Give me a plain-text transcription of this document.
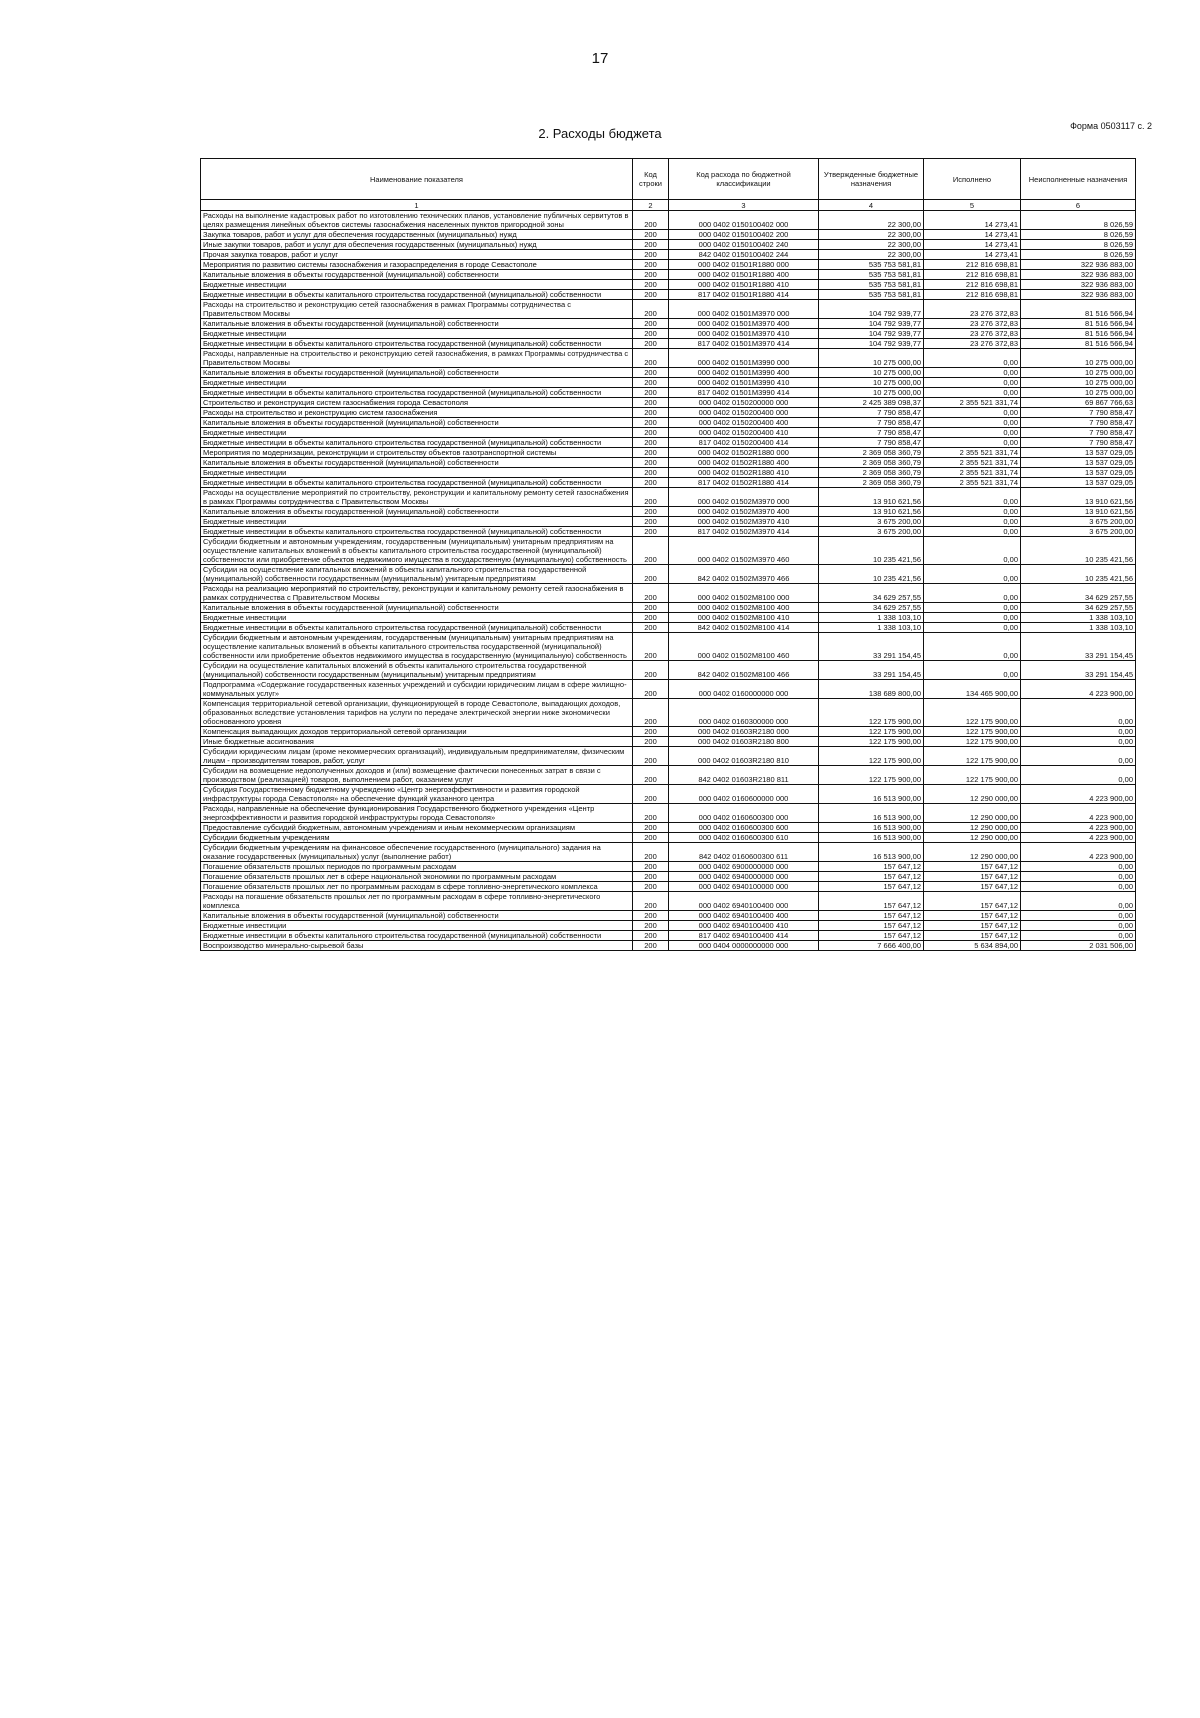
17
Форма 0503117 с. 2
2. Расходы бюджета
Наименование показателя	Код строки	Код расхода по бюджетной классификации	Утвержденные бюджетные назначения	Исполнено	Неисполненные назначения
1	2	3	4	5	6
Расходы на выполнение кадастровых работ по изготовлению технических планов, установление публичных сервитутов в целях размещения линейных объектов системы газоснабжения населенных пунктов пригородной зоны	200	000 0402 0150100402 000	22 300,00	14 273,41	8 026,59
Закупка товаров, работ и услуг для обеспечения государственных (муниципальных) нужд	200	000 0402 0150100402 200	22 300,00	14 273,41	8 026,59
Иные закупки товаров, работ и услуг для обеспечения государственных (муниципальных) нужд	200	000 0402 0150100402 240	22 300,00	14 273,41	8 026,59
Прочая закупка товаров, работ и услуг	200	842 0402 0150100402 244	22 300,00	14 273,41	8 026,59
Мероприятия по развитию системы газоснабжения и газораспределения в городе Севастополе	200	000 0402 01501R1880 000	535 753 581,81	212 816 698,81	322 936 883,00
Капитальные вложения в объекты государственной (муниципальной) собственности	200	000 0402 01501R1880 400	535 753 581,81	212 816 698,81	322 936 883,00
Бюджетные инвестиции	200	000 0402 01501R1880 410	535 753 581,81	212 816 698,81	322 936 883,00
Бюджетные инвестиции в объекты капитального строительства государственной (муниципальной) собственности	200	817 0402 01501R1880 414	535 753 581,81	212 816 698,81	322 936 883,00
Расходы на строительство и реконструкцию сетей газоснабжения в рамках Программы сотрудничества с Правительством Москвы	200	000 0402 01501M3970 000	104 792 939,77	23 276 372,83	81 516 566,94
Капитальные вложения в объекты государственной (муниципальной) собственности	200	000 0402 01501M3970 400	104 792 939,77	23 276 372,83	81 516 566,94
Бюджетные инвестиции	200	000 0402 01501M3970 410	104 792 939,77	23 276 372,83	81 516 566,94
Бюджетные инвестиции в объекты капитального строительства государственной (муниципальной) собственности	200	817 0402 01501M3970 414	104 792 939,77	23 276 372,83	81 516 566,94
Расходы, направленные на строительство и реконструкцию сетей газоснабжения, в рамках Программы сотрудничества с Правительством Москвы	200	000 0402 01501M3990 000	10 275 000,00	0,00	10 275 000,00
Капитальные вложения в объекты государственной (муниципальной) собственности	200	000 0402 01501M3990 400	10 275 000,00	0,00	10 275 000,00
Бюджетные инвестиции	200	000 0402 01501M3990 410	10 275 000,00	0,00	10 275 000,00
Бюджетные инвестиции в объекты капитального строительства государственной (муниципальной) собственности	200	817 0402 01501M3990 414	10 275 000,00	0,00	10 275 000,00
Строительство и реконструкция систем газоснабжения города Севастополя	200	000 0402 0150200000 000	2 425 389 098,37	2 355 521 331,74	69 867 766,63
Расходы на строительство и реконструкцию систем газоснабжения	200	000 0402 0150200400 000	7 790 858,47	0,00	7 790 858,47
Капитальные вложения в объекты государственной (муниципальной) собственности	200	000 0402 0150200400 400	7 790 858,47	0,00	7 790 858,47
Бюджетные инвестиции	200	000 0402 0150200400 410	7 790 858,47	0,00	7 790 858,47
Бюджетные инвестиции в объекты капитального строительства государственной (муниципальной) собственности	200	817 0402 0150200400 414	7 790 858,47	0,00	7 790 858,47
Мероприятия по модернизации, реконструкции и строительству объектов газотранспортной системы	200	000 0402 01502R1880 000	2 369 058 360,79	2 355 521 331,74	13 537 029,05
Капитальные вложения в объекты государственной (муниципальной) собственности	200	000 0402 01502R1880 400	2 369 058 360,79	2 355 521 331,74	13 537 029,05
Бюджетные инвестиции	200	000 0402 01502R1880 410	2 369 058 360,79	2 355 521 331,74	13 537 029,05
Бюджетные инвестиции в объекты капитального строительства государственной (муниципальной) собственности	200	817 0402 01502R1880 414	2 369 058 360,79	2 355 521 331,74	13 537 029,05
Расходы на осуществление мероприятий по строительству, реконструкции и капитальному ремонту сетей газоснабжения в рамках Программы сотрудничества с Правительством Москвы	200	000 0402 01502M3970 000	13 910 621,56	0,00	13 910 621,56
Капитальные вложения в объекты государственной (муниципальной) собственности	200	000 0402 01502M3970 400	13 910 621,56	0,00	13 910 621,56
Бюджетные инвестиции	200	000 0402 01502M3970 410	3 675 200,00	0,00	3 675 200,00
Бюджетные инвестиции в объекты капитального строительства государственной (муниципальной) собственности	200	817 0402 01502M3970 414	3 675 200,00	0,00	3 675 200,00
Субсидии бюджетным и автономным учреждениям, государственным (муниципальным) унитарным предприятиям на осуществление капитальных вложений в объекты капитального строительства государственной (муниципальной) собственности или приобретение объектов недвижимого имущества в государственную (муниципальную) собственность	200	000 0402 01502M3970 460	10 235 421,56	0,00	10 235 421,56
Субсидии на осуществление капитальных вложений в объекты капитального строительства государственной (муниципальной) собственности государственным (муниципальным) унитарным предприятиям	200	842 0402 01502M3970 466	10 235 421,56	0,00	10 235 421,56
Расходы на реализацию мероприятий по строительству, реконструкции и капитальному ремонту сетей газоснабжения в рамках сотрудничества с Правительством Москвы	200	000 0402 01502M8100 000	34 629 257,55	0,00	34 629 257,55
Капитальные вложения в объекты государственной (муниципальной) собственности	200	000 0402 01502M8100 400	34 629 257,55	0,00	34 629 257,55
Бюджетные инвестиции	200	000 0402 01502M8100 410	1 338 103,10	0,00	1 338 103,10
Бюджетные инвестиции в объекты капитального строительства государственной (муниципальной) собственности	200	842 0402 01502M8100 414	1 338 103,10	0,00	1 338 103,10
Субсидии бюджетным и автономным учреждениям, государственным (муниципальным) унитарным предприятиям на осуществление капитальных вложений в объекты капитального строительства государственной (муниципальной) собственности или приобретение объектов недвижимого имущества в государственную (муниципальную) собственность	200	000 0402 01502M8100 460	33 291 154,45	0,00	33 291 154,45
Субсидии на осуществление капитальных вложений в объекты капитального строительства государственной (муниципальной) собственности государственным (муниципальным) унитарным предприятиям	200	842 0402 01502M8100 466	33 291 154,45	0,00	33 291 154,45
Подпрограмма «Содержание государственных казенных учреждений и субсидии юридическим лицам в сфере жилищно-коммунальных услуг»	200	000 0402 0160000000 000	138 689 800,00	134 465 900,00	4 223 900,00
Компенсация территориальной сетевой организации, функционирующей в городе Севастополе, выпадающих доходов, образованных вследствие установления тарифов на услуги по передаче электрической энергии ниже экономически обоснованного уровня	200	000 0402 0160300000 000	122 175 900,00	122 175 900,00	0,00
Компенсация выпадающих доходов территориальной сетевой организации	200	000 0402 01603R2180 000	122 175 900,00	122 175 900,00	0,00
Иные бюджетные ассигнования	200	000 0402 01603R2180 800	122 175 900,00	122 175 900,00	0,00
Субсидии юридическим лицам (кроме некоммерческих организаций), индивидуальным предпринимателям, физическим лицам - производителям товаров, работ, услуг	200	000 0402 01603R2180 810	122 175 900,00	122 175 900,00	0,00
Субсидии на возмещение недополученных доходов и (или) возмещение фактически понесенных затрат в связи с производством (реализацией) товаров, выполнением работ, оказанием услуг	200	842 0402 01603R2180 811	122 175 900,00	122 175 900,00	0,00
Субсидия Государственному бюджетному учреждению «Центр энергоэффективности и развития городской инфраструктуры города Севастополя» на обеспечение функций указанного центра	200	000 0402 0160600000 000	16 513 900,00	12 290 000,00	4 223 900,00
Расходы, направленные на обеспечение функционирования Государственного бюджетного учреждения «Центр энергоэффективности и развития городской инфраструктуры города Севастополя»	200	000 0402 0160600300 000	16 513 900,00	12 290 000,00	4 223 900,00
Предоставление субсидий бюджетным, автономным учреждениям и иным некоммерческим организациям	200	000 0402 0160600300 600	16 513 900,00	12 290 000,00	4 223 900,00
Субсидии бюджетным учреждениям	200	000 0402 0160600300 610	16 513 900,00	12 290 000,00	4 223 900,00
Субсидии бюджетным учреждениям на финансовое обеспечение государственного (муниципального) задания на оказание государственных (муниципальных) услуг (выполнение работ)	200	842 0402 0160600300 611	16 513 900,00	12 290 000,00	4 223 900,00
Погашение обязательств прошлых периодов по программным расходам	200	000 0402 6900000000 000	157 647,12	157 647,12	0,00
Погашение обязательств прошлых лет в сфере национальной экономики по программным расходам	200	000 0402 6940000000 000	157 647,12	157 647,12	0,00
Погашение обязательств прошлых лет по программным расходам в сфере топливно-энергетического комплекса	200	000 0402 6940100000 000	157 647,12	157 647,12	0,00
Расходы на погашение обязательств прошлых лет по программным расходам в сфере топливно-энергетического комплекса	200	000 0402 6940100400 000	157 647,12	157 647,12	0,00
Капитальные вложения в объекты государственной (муниципальной) собственности	200	000 0402 6940100400 400	157 647,12	157 647,12	0,00
Бюджетные инвестиции	200	000 0402 6940100400 410	157 647,12	157 647,12	0,00
Бюджетные инвестиции в объекты капитального строительства государственной (муниципальной) собственности	200	817 0402 6940100400 414	157 647,12	157 647,12	0,00
Воспроизводство минерально-сырьевой базы	200	000 0404 0000000000 000	7 666 400,00	5 634 894,00	2 031 506,00
